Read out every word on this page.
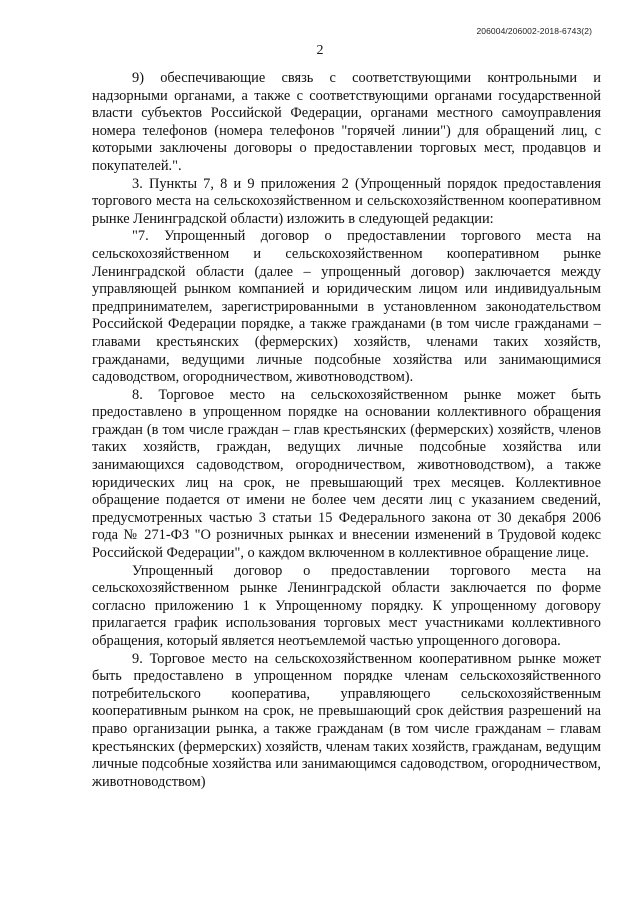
206004/206002-2018-6743(2)
2

9) обеспечивающие связь с соответствующими контрольными и надзорными органами, а также с соответствующими органами государственной власти субъектов Российской Федерации, органами местного самоуправления номера телефонов (номера телефонов "горячей линии") для обращений лиц, с которыми заключены договоры о предоставлении торговых мест, продавцов и покупателей.".

3. Пункты 7, 8 и 9 приложения 2 (Упрощенный порядок предоставления торгового места на сельскохозяйственном и сельскохозяйственном кооперативном рынке Ленинградской области) изложить в следующей редакции:

"7. Упрощенный договор о предоставлении торгового места на сельскохозяйственном и сельскохозяйственном кооперативном рынке Ленинградской области (далее – упрощенный договор) заключается между управляющей рынком компанией и юридическим лицом или индивидуальным предпринимателем, зарегистрированными в установленном законодательством Российской Федерации порядке, а также гражданами (в том числе гражданами – главами крестьянских (фермерских) хозяйств, членами таких хозяйств, гражданами, ведущими личные подсобные хозяйства или занимающимися садоводством, огородничеством, животноводством).

8. Торговое место на сельскохозяйственном рынке может быть предоставлено в упрощенном порядке на основании коллективного обращения граждан (в том числе граждан – глав крестьянских (фермерских) хозяйств, членов таких хозяйств, граждан, ведущих личные подсобные хозяйства или занимающихся садоводством, огородничеством, животноводством), а также юридических лиц на срок, не превышающий трех месяцев. Коллективное обращение подается от имени не более чем десяти лиц с указанием сведений, предусмотренных частью 3 статьи 15 Федерального закона от 30 декабря 2006 года № 271-ФЗ "О розничных рынках и внесении изменений в Трудовой кодекс Российской Федерации", о каждом включенном в коллективное обращение лице.

Упрощенный договор о предоставлении торгового места на сельскохозяйственном рынке Ленинградской области заключается по форме согласно приложению 1 к Упрощенному порядку. К упрощенному договору прилагается график использования торговых мест участниками коллективного обращения, который является неотъемлемой частью упрощенного договора.

9. Торговое место на сельскохозяйственном кооперативном рынке может быть предоставлено в упрощенном порядке членам сельскохозяйственного потребительского кооператива, управляющего сельскохозяйственным кооперативным рынком на срок, не превышающий срок действия разрешений на право организации рынка, а также гражданам (в том числе гражданам – главам крестьянских (фермерских) хозяйств, членам таких хозяйств, гражданам, ведущим личные подсобные хозяйства или занимающимся садоводством, огородничеством, животноводством)
